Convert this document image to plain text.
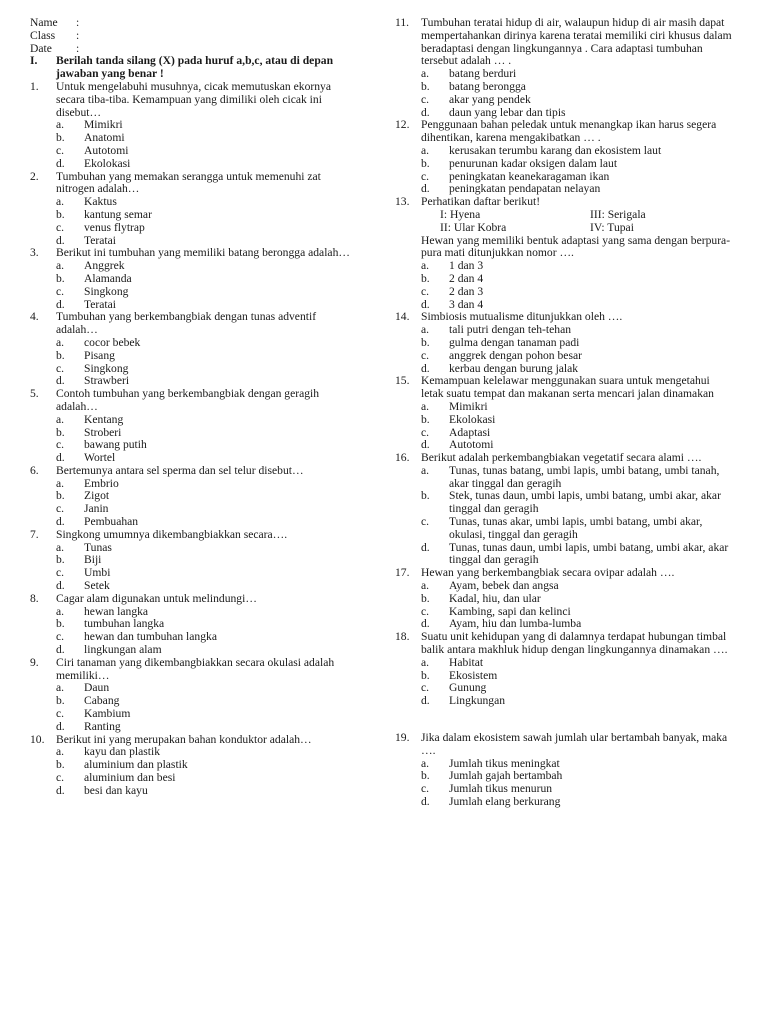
Name	:
Class	:
Date	:
I.	Berilah tanda silang (X) pada huruf a,b,c, atau di depan jawaban yang benar !
1.	Untuk mengelabuhi musuhnya, cicak memutuskan ekornya secara tiba-tiba. Kemampuan yang dimiliki oleh cicak ini disebut…
a.	Mimikri
b.	Anatomi
c.	Autotomi
d.	Ekolokasi
2.	Tumbuhan yang memakan serangga untuk memenuhi zat nitrogen adalah…
a.	Kaktus
b.	kantung semar
c.	venus flytrap
d.	Teratai
3.	Berikut ini tumbuhan yang memiliki batang berongga adalah…
a.	Anggrek
b.	Alamanda
c.	Singkong
d.	Teratai
4.	Tumbuhan yang berkembangbiak dengan tunas adventif adalah…
a.	cocor bebek
b.	Pisang
c.	Singkong
d.	Strawberi
5.	Contoh tumbuhan yang berkembangbiak dengan geragih adalah…
a.	Kentang
b.	Stroberi
c.	bawang putih
d.	Wortel
6.	Bertemunya antara sel sperma dan sel telur disebut…
a.	Embrio
b.	Zigot
c.	Janin
d.	Pembuahan
7.	Singkong umumnya dikembangbiakkan secara….
a.	Tunas
b.	Biji
c.	Umbi
d.	Setek
8.	Cagar alam digunakan untuk melindungi…
a.	hewan langka
b.	tumbuhan langka
c.	hewan dan tumbuhan langka
d.	lingkungan alam
9.	Ciri tanaman yang dikembangbiakkan secara okulasi adalah memiliki…
a.	Daun
b.	Cabang
c.	Kambium
d.	Ranting
10. Berikut ini yang merupakan bahan konduktor adalah…
a.	kayu dan plastik
b.	aluminium dan plastik
c.	aluminium dan besi
d.	besi dan kayu
11.	Tumbuhan teratai hidup di air, walaupun hidup di air masih dapat mempertahankan dirinya karena teratai memiliki ciri khusus dalam beradaptasi dengan lingkungannya . Cara adaptasi tumbuhan tersebut adalah … .
a.	batang berduri
b.	batang berongga
c.	akar yang pendek
d.	daun yang lebar dan tipis
12. Penggunaan bahan peledak untuk menangkap ikan harus segera dihentikan, karena mengakibatkan … .
a.	kerusakan terumbu karang dan ekosistem laut
b.	penurunan kadar oksigen dalam laut
c.	peningkatan keanekaragaman ikan
d.	peningkatan pendapatan nelayan
13. Perhatikan daftar berikut!
I: Hyena	III: Serigala
II: Ular Kobra	IV: Tupai
Hewan yang memiliki bentuk adaptasi yang sama dengan berpura-pura mati ditunjukkan nomor ….
a.	1 dan 3
b.	2 dan 4
c.	2 dan 3
d.	3 dan 4
14. Simbiosis mutualisme ditunjukkan oleh ….
a.	tali putri dengan teh-tehan
b.	gulma dengan tanaman padi
c.	anggrek dengan pohon besar
d.	kerbau dengan burung jalak
15. Kemampuan kelelawar menggunakan suara untuk mengetahui letak suatu tempat dan makanan serta mencari jalan dinamakan
a.	Mimikri
b.	Ekolokasi
c.	Adaptasi
d.	Autotomi
16. Berikut adalah perkembangbiakan vegetatif secara alami ….
a.	Tunas, tunas batang, umbi lapis, umbi batang, umbi tanah, akar tinggal dan geragih
b.	Stek, tunas daun, umbi lapis, umbi batang, umbi akar, akar tinggal dan geragih
c.	Tunas, tunas akar, umbi lapis, umbi batang, umbi akar, okulasi, tinggal dan geragih
d.	Tunas, tunas daun, umbi lapis, umbi batang, umbi akar, akar tinggal dan geragih
17. Hewan yang berkembangbiak secara ovipar adalah ….
a.	Ayam, bebek dan angsa
b.	Kadal, hiu, dan ular
c.	Kambing, sapi dan kelinci
d.	Ayam, hiu dan lumba-lumba
18. Suatu unit kehidupan yang di dalamnya terdapat hubungan timbal balik antara makhluk hidup dengan lingkungannya dinamakan ….
a.	Habitat
b.	Ekosistem
c.	Gunung
d.	Lingkungan
19. Jika dalam ekosistem sawah jumlah ular bertambah banyak, maka ….
a.	Jumlah tikus meningkat
b.	Jumlah gajah bertambah
c.	Jumlah tikus menurun
d.	Jumlah elang berkurang
